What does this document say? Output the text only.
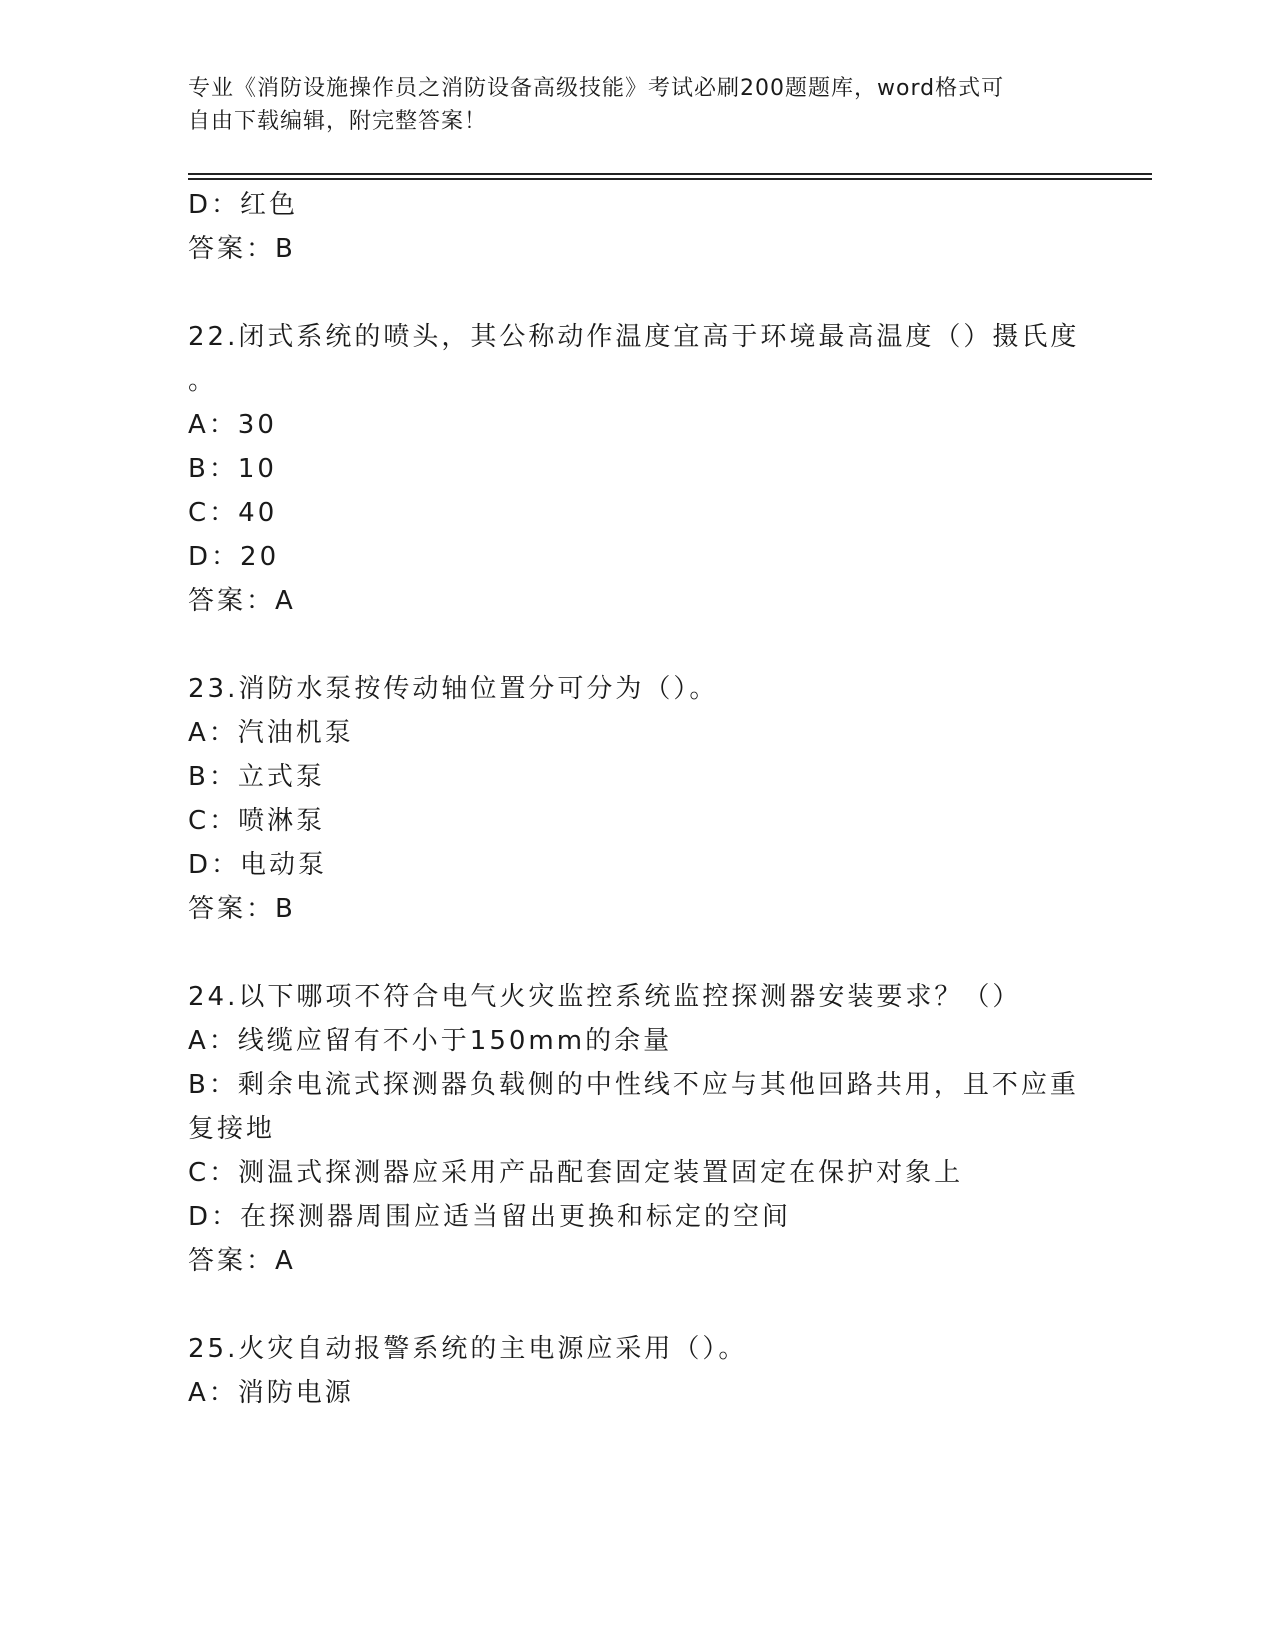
专业《消防设施操作员之消防设备高级技能》考试必刷200题题库，word格式可
自由下载编辑，附完整答案！
D：红色
答案：B
22.闭式系统的喷头，其公称动作温度宜高于环境最高温度（）摄氏度
。
A：30
B：10
C：40
D：20
答案：A
23.消防水泵按传动轴位置分可分为（）。
A：汽油机泵
B：立式泵
C：喷淋泵
D：电动泵
答案：B
24.以下哪项不符合电气火灾监控系统监控探测器安装要求？（）
A：线缆应留有不小于150mm的余量
B：剩余电流式探测器负载侧的中性线不应与其他回路共用，且不应重
复接地
C：测温式探测器应采用产品配套固定装置固定在保护对象上
D：在探测器周围应适当留出更换和标定的空间
答案：A
25.火灾自动报警系统的主电源应采用（）。
A：消防电源
